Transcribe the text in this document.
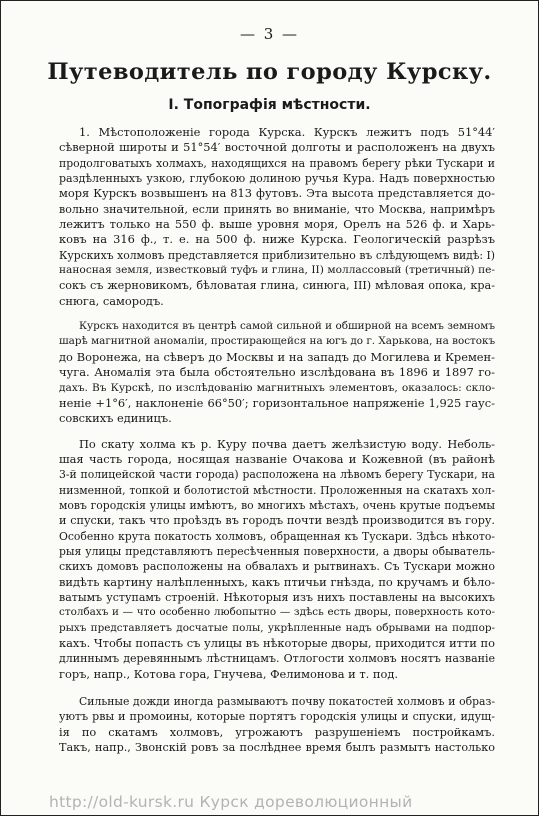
— 3 —
Путеводитель по городу Курску.
I. Топографія мѣстности.
1. Мѣстоположеніе города Курска. Курскъ лежитъ подъ 51°44′
сѣверной широты и 51°54′ восточной долготы и расположенъ на двухъ
продолговатыхъ холмахъ, находящихся на правомъ берегу рѣки Тускари и
раздѣленныхъ узкою, глубокою долиною ручья Кура. Надъ поверхностью
моря Курскъ возвышенъ на 813 футовъ. Эта высота представляется до-
вольно значительной, если принять во вниманіе, что Москва, напримѣръ
лежитъ только на 550 ф. выше уровня моря, Орелъ на 526 ф. и Харь-
ковъ на 316 ф., т. е. на 500 ф. ниже Курска. Геологическій разрѣзъ
Курскихъ холмовъ представляется приблизительно въ слѣдующемъ видѣ: I)
наносная земля, известковый туфъ и глина, II) моллассовый (третичный) пе-
сокъ съ жерновикомъ, бѣловатая глина, синюга, III) мѣловая опока, кра-
снюга, самородъ.
Курскъ находится въ центрѣ самой сильной и обширной на всемъ земномъ
шарѣ магнитной аномаліи, простирающейся на югъ до г. Харькова, на востокъ
до Воронежа, на сѣверъ до Москвы и на западъ до Могилева и Кремен-
чуга. Аномалія эта была обстоятельно изслѣдована въ 1896 и 1897 го-
дахъ. Въ Курскѣ, по изслѣдованію магнитныхъ элементовъ, оказалось: скло-
неніе +1°6′, наклоненіе 66°50′; горизонтальное напряженіе 1,925 гаус-
совскихъ единицъ.
По скату холма къ р. Куру почва даетъ желѣзистую воду. Неболь-
шая часть города, носящая названіе Очакова и Кожевной (въ районѣ
3-й полицейской части города) расположена на лѣвомъ берегу Тускари, на
низменной, топкой и болотистой мѣстности. Проложенныя на скатахъ хол-
мовъ городскія улицы имѣютъ, во многихъ мѣстахъ, очень крутые подъемы
и спуски, такъ что проѣздъ въ городъ почти вездѣ производится въ гору.
Особенно крута покатость холмовъ, обращенная къ Тускари. Здѣсь нѣкото-
рыя улицы представляютъ пересѣченныя поверхности, а дворы обыватель-
скихъ домовъ расположены на обвалахъ и рытвинахъ. Съ Тускари можно
видѣть картину налѣпленныхъ, какъ птичьи гнѣзда, по кручамъ и бѣло-
ватымъ уступамъ строеній. Нѣкоторыя изъ нихъ поставлены на высокихъ
столбахъ и — что особенно любопытно — здѣсь есть дворы, поверхность кото-
рыхъ представляетъ досчатые полы, укрѣпленные надъ обрывами на подпор-
кахъ. Чтобы попасть съ улицы въ нѣкоторые дворы, приходится итти по
длиннымъ деревяннымъ лѣстницамъ. Отлогости холмовъ носятъ названіе
горъ, напр., Котова гора, Гнучева, Фелимонова и т. под.
Сильные дожди иногда размываютъ почву покатостей холмовъ и образ-
уютъ рвы и промоины, которые портятъ городскія улицы и спуски, идущ-
ія по скатамъ холмовъ, угрожаютъ разрушеніемъ постройкамъ.
Такъ, напр., Звонскій ровъ за послѣднее время былъ размытъ настолько
http://old-kursk.ru Курск дореволюционный
